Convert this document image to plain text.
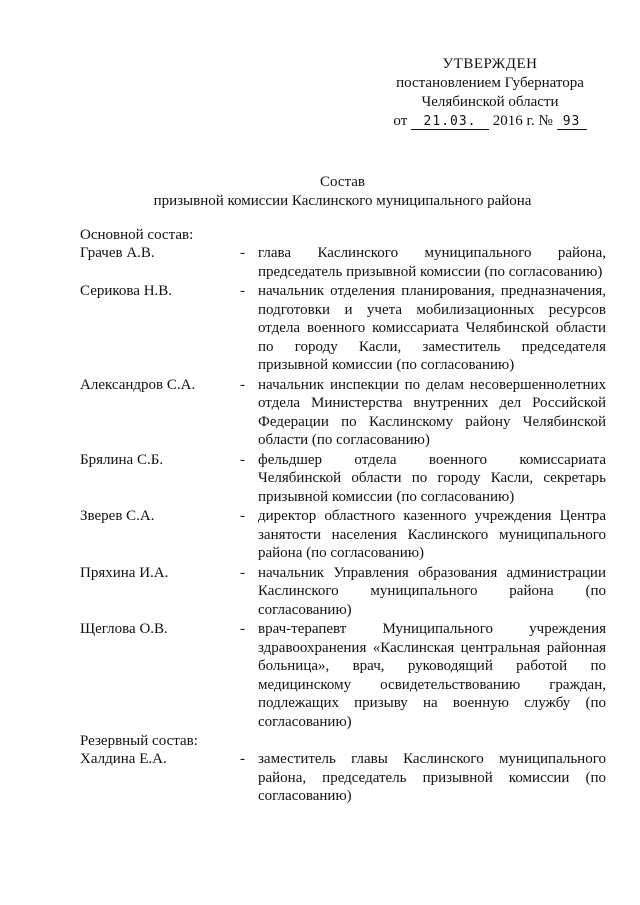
УТВЕРЖДЕН
постановлением Губернатора
Челябинской области
от 21.03. 2016 г. № 93
Состав
призывной комиссии Каслинского муниципального района
Основной состав:
Грачев А.В.	- глава Каслинского муниципального района, председатель призывной комиссии (по согласованию)
Серикова Н.В.	- начальник отделения планирования, предназначения, подготовки и учета мобилизационных ресурсов отдела военного комиссариата Челябинской области по городу Касли, заместитель председателя призывной комиссии (по согласованию)
Александров С.А.	- начальник инспекции по делам несовершеннолетних отдела Министерства внутренних дел Российской Федерации по Каслинскому району Челябинской области (по согласованию)
Брялина С.Б.	- фельдшер отдела военного комиссариата Челябинской области по городу Касли, секретарь призывной комиссии (по согласованию)
Зверев С.А.	- директор областного казенного учреждения Центра занятости населения Каслинского муниципального района (по согласованию)
Пряхина И.А.	- начальник Управления образования администрации Каслинского муниципального района (по согласованию)
Щеглова О.В.	- врач-терапевт Муниципального учреждения здравоохранения «Каслинская центральная районная больница», врач, руководящий работой по медицинскому освидетельствованию граждан, подлежащих призыву на военную службу (по согласованию)
Резервный состав:
Халдина Е.А.	- заместитель главы Каслинского муниципального района, председатель призывной комиссии (по согласованию)
